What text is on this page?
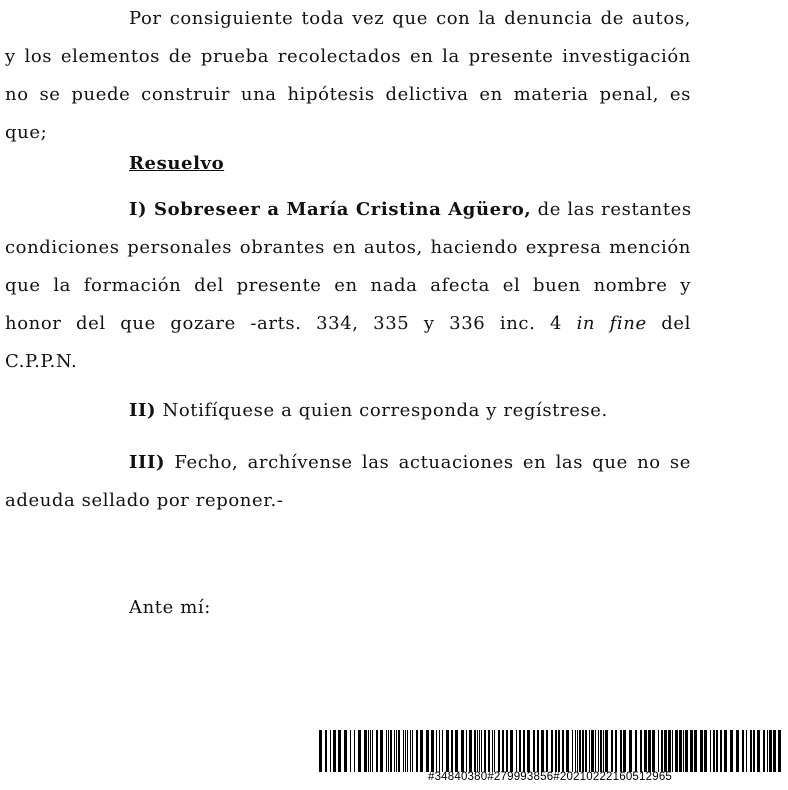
Por consiguiente toda vez que con la denuncia de autos,
y los elementos de prueba recolectados en la presente investigación
no se puede construir una hipótesis delictiva en materia penal, es
que;
Resuelvo
I) Sobreseer a María Cristina Agüero, de las restantes
condiciones personales obrantes en autos, haciendo expresa mención
que la formación del presente en nada afecta el buen nombre y
honor del que gozare -arts. 334, 335 y 336 inc. 4 in fine del
C.P.P.N.
II) Notifíquese a quien corresponda y regístrese.
III) Fecho, archívense las actuaciones en las que no se
adeuda sellado por reponer.-
Ante mí:
#34840380#279993856#20210222160512965
